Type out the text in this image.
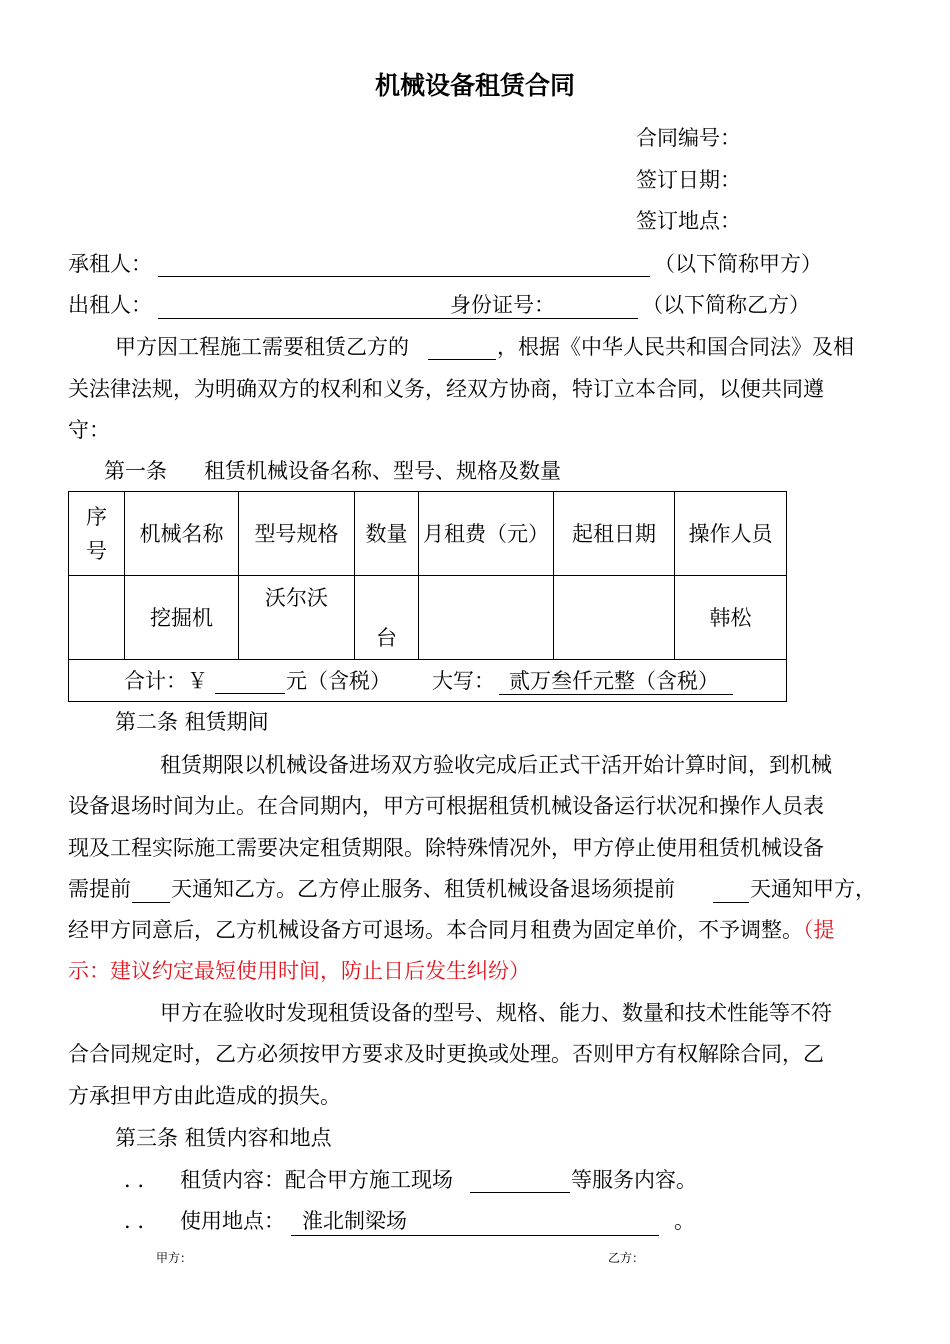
机械设备租赁合同
合同编号：
签订日期：
签订地点：
承租人：	（以下简称甲方）
出租人：	身份证号：	（以下简称乙方）
甲方因工程施工需要租赁乙方的	，根据《中华人民共和国合同法》及相
关法律法规，为明确双方的权利和义务，经双方协商，特订立本合同，以便共同遵
守：
第一条 租赁机械设备名称、型号、规格及数量
序
号	机械名称	型号规格	数量	月租费（元）	起租日期	操作人员

	挖掘机	沃尔沃	台			韩松

合计：￥ 元（含税） 大写： 贰万叁仟元整（含税）						
第二条 租赁期间
租赁期限以机械设备进场双方验收完成后正式干活开始计算时间，到机械
设备退场时间为止。在合同期内，甲方可根据租赁机械设备运行状况和操作人员表
现及工程实际施工需要决定租赁期限。除特殊情况外，甲方停止使用租赁机械设备
需提前 天通知乙方。乙方停止服务、租赁机械设备退场须提前	天通知甲方，
经甲方同意后，乙方机械设备方可退场。本合同月租费为固定单价，不予调整。（提
示：建议约定最短使用时间，防止日后发生纠纷）
甲方在验收时发现租赁设备的型号、规格、能力、数量和技术性能等不符
合合同规定时，乙方必须按甲方要求及时更换或处理。否则甲方有权解除合同，乙
方承担甲方由此造成的损失。
第三条 租赁内容和地点
. . 租赁内容：配合甲方施工现场	等服务内容。
. . 使用地点： 淮北制梁场	。
甲方：	乙方：
